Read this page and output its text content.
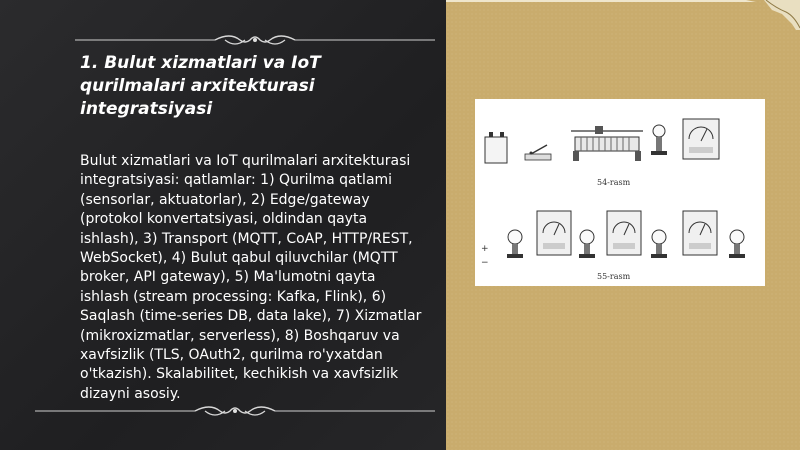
1. Bulut xizmatlari va IoT qurilmalari arxitekturasi integratsiyasi

Bulut xizmatlari va IoT qurilmalari arxitekturasi integratsiyasi: qatlamlar: 1) Qurilma qatlami (sensorlar, aktuatorlar), 2) Edge/gateway (protokol konvertatsiyasi, oldindan qayta ishlash), 3) Transport (MQTT, CoAP, HTTP/REST, WebSocket), 4) Bulut qabul qiluvchilar (MQTT broker, API gateway), 5) Ma'lumotni qayta ishlash (stream processing: Kafka, Flink), 6) Saqlash (time-series DB, data lake), 7) Xizmatlar (mikroxizmatlar, serverless), 8) Boshqaruv va xavfsizlik (TLS, OAuth2, qurilma ro'yxatdan o'tkazish). Skalabilitet, kechikish va xavfsizlik dizayni asosiy.

54-rasm
+
−
55-rasm
